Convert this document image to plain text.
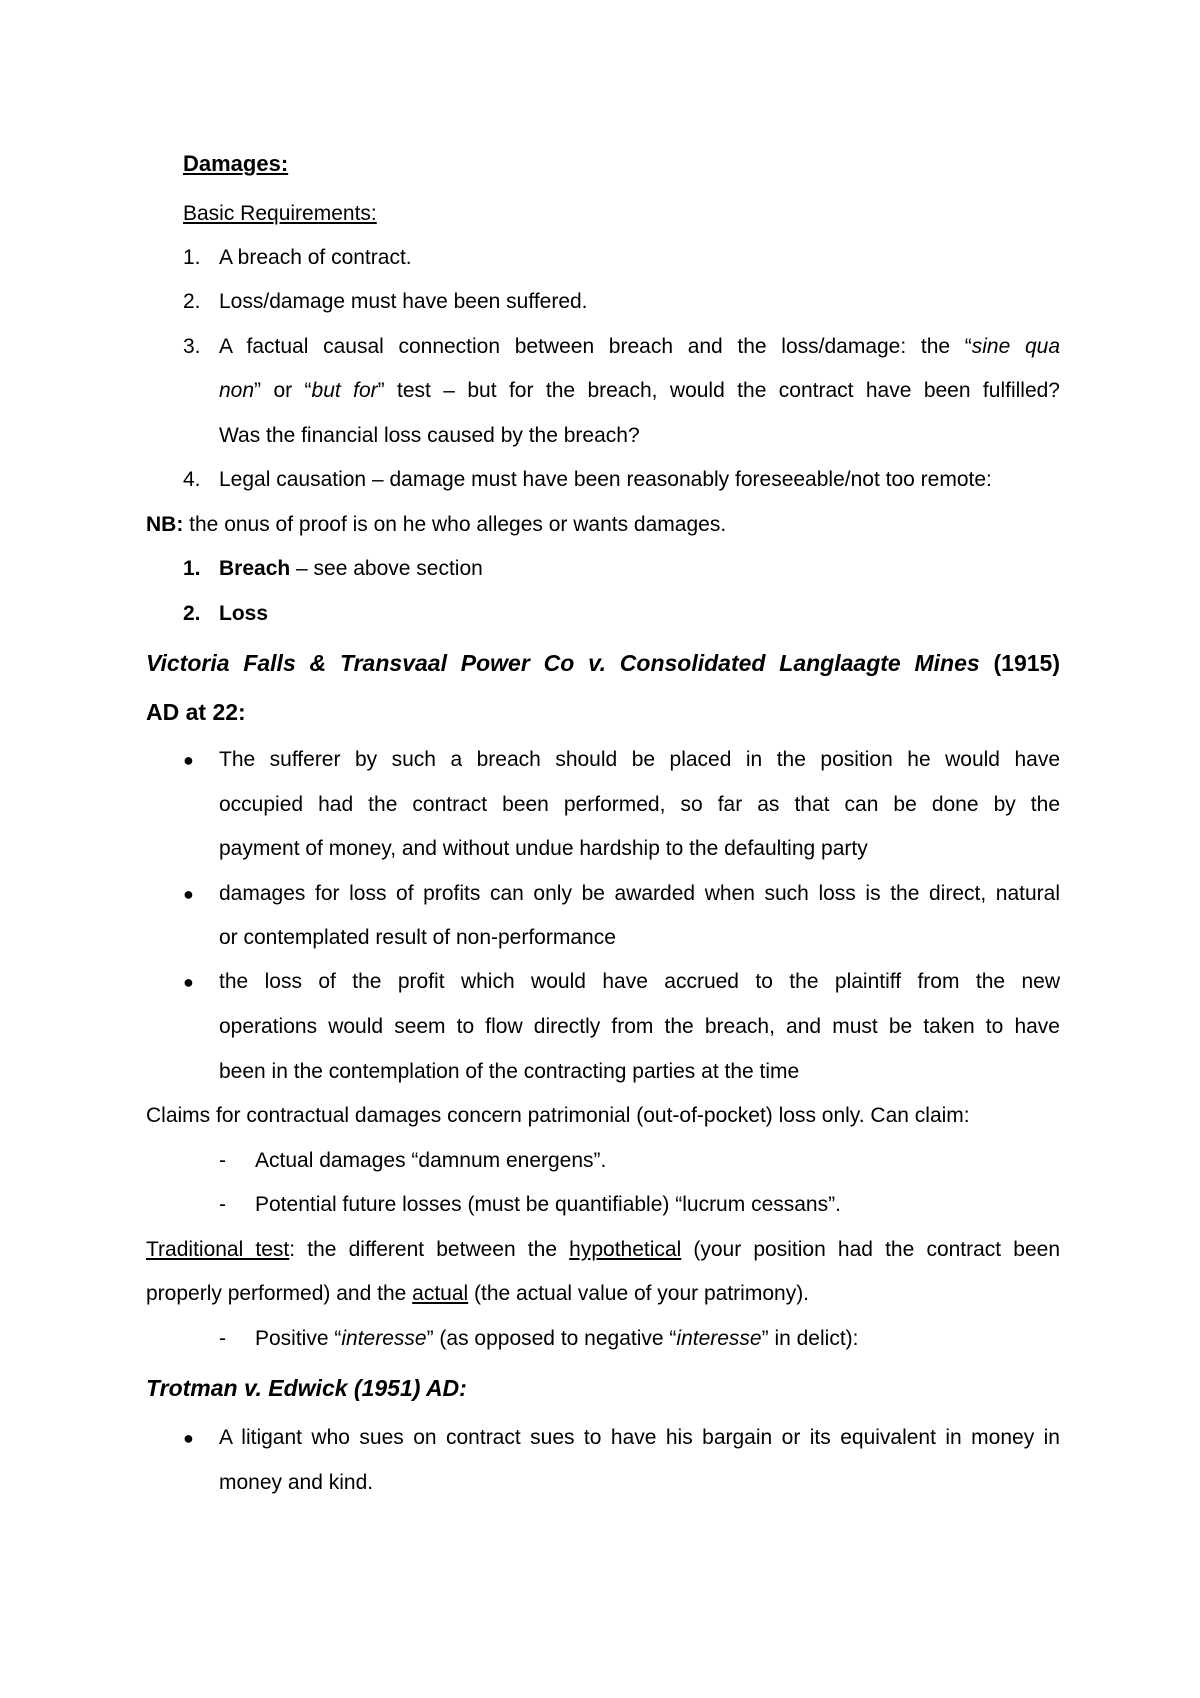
Damages:
Basic Requirements:
1. A breach of contract.
2. Loss/damage must have been suffered.
3. A factual causal connection between breach and the loss/damage: the “sine qua
non” or “but for” test – but for the breach, would the contract have been fulfilled?
Was the financial loss caused by the breach?
4. Legal causation – damage must have been reasonably foreseeable/not too remote:
NB: the onus of proof is on he who alleges or wants damages.
1. Breach – see above section
2. Loss
Victoria Falls & Transvaal Power Co v. Consolidated Langlaagte Mines (1915)
AD at 22:
● The sufferer by such a breach should be placed in the position he would have
occupied had the contract been performed, so far as that can be done by the
payment of money, and without undue hardship to the defaulting party
● damages for loss of profits can only be awarded when such loss is the direct, natural
or contemplated result of non-performance
● the loss of the profit which would have accrued to the plaintiff from the new
operations would seem to flow directly from the breach, and must be taken to have
been in the contemplation of the contracting parties at the time
Claims for contractual damages concern patrimonial (out-of-pocket) loss only. Can claim:
- Actual damages “damnum energens”.
- Potential future losses (must be quantifiable) “lucrum cessans”.
Traditional test: the different between the hypothetical (your position had the contract been
properly performed) and the actual (the actual value of your patrimony).
- Positive “interesse” (as opposed to negative “interesse” in delict):
Trotman v. Edwick (1951) AD:
● A litigant who sues on contract sues to have his bargain or its equivalent in money in
money and kind.
